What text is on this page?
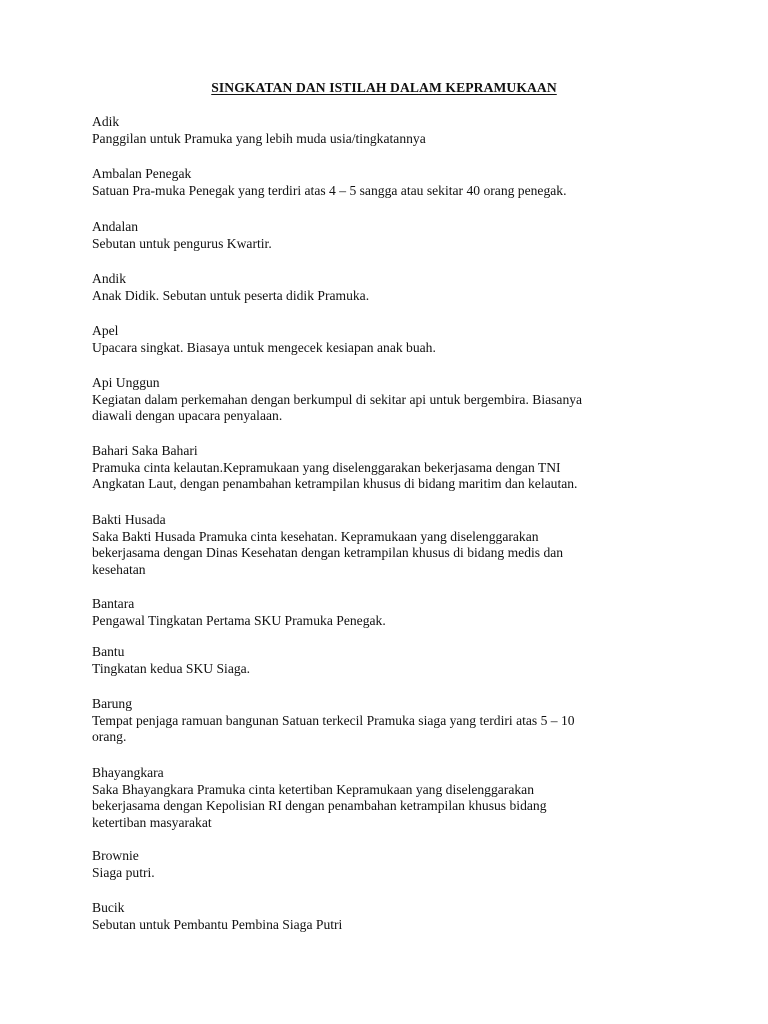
SINGKATAN DAN ISTILAH DALAM KEPRAMUKAAN

Adik

Panggilan untuk Pramuka yang lebih muda usia/tingkatannya

Ambalan Penegak

Satuan Pra-muka Penegak yang terdiri atas 4 – 5 sangga atau sekitar 40 orang penegak.

Andalan

Sebutan untuk pengurus Kwartir.

Andik

Anak Didik. Sebutan untuk peserta didik Pramuka.

Apel

Upacara singkat. Biasaya untuk mengecek kesiapan anak buah.

Api Unggun

Kegiatan dalam perkemahan dengan berkumpul di sekitar api untuk bergembira. Biasanya
diawali dengan upacara penyalaan.

Bahari Saka Bahari

Pramuka cinta kelautan.Kepramukaan yang diselenggarakan bekerjasama dengan TNI
Angkatan Laut, dengan penambahan ketrampilan khusus di bidang maritim dan kelautan.

Bakti Husada

Saka Bakti Husada Pramuka cinta kesehatan. Kepramukaan yang diselenggarakan
bekerjasama dengan Dinas Kesehatan dengan ketrampilan khusus di bidang medis dan
kesehatan

Bantara

Pengawal Tingkatan Pertama SKU Pramuka Penegak.

Bantu

Tingkatan kedua SKU Siaga.

Barung

Tempat penjaga ramuan bangunan Satuan terkecil Pramuka siaga yang terdiri atas 5 – 10
orang.

Bhayangkara

Saka Bhayangkara Pramuka cinta ketertiban Kepramukaan yang diselenggarakan
bekerjasama dengan Kepolisian RI dengan penambahan ketrampilan khusus bidang
ketertiban masyarakat

Brownie

Siaga putri.

Bucik

Sebutan untuk Pembantu Pembina Siaga Putri
